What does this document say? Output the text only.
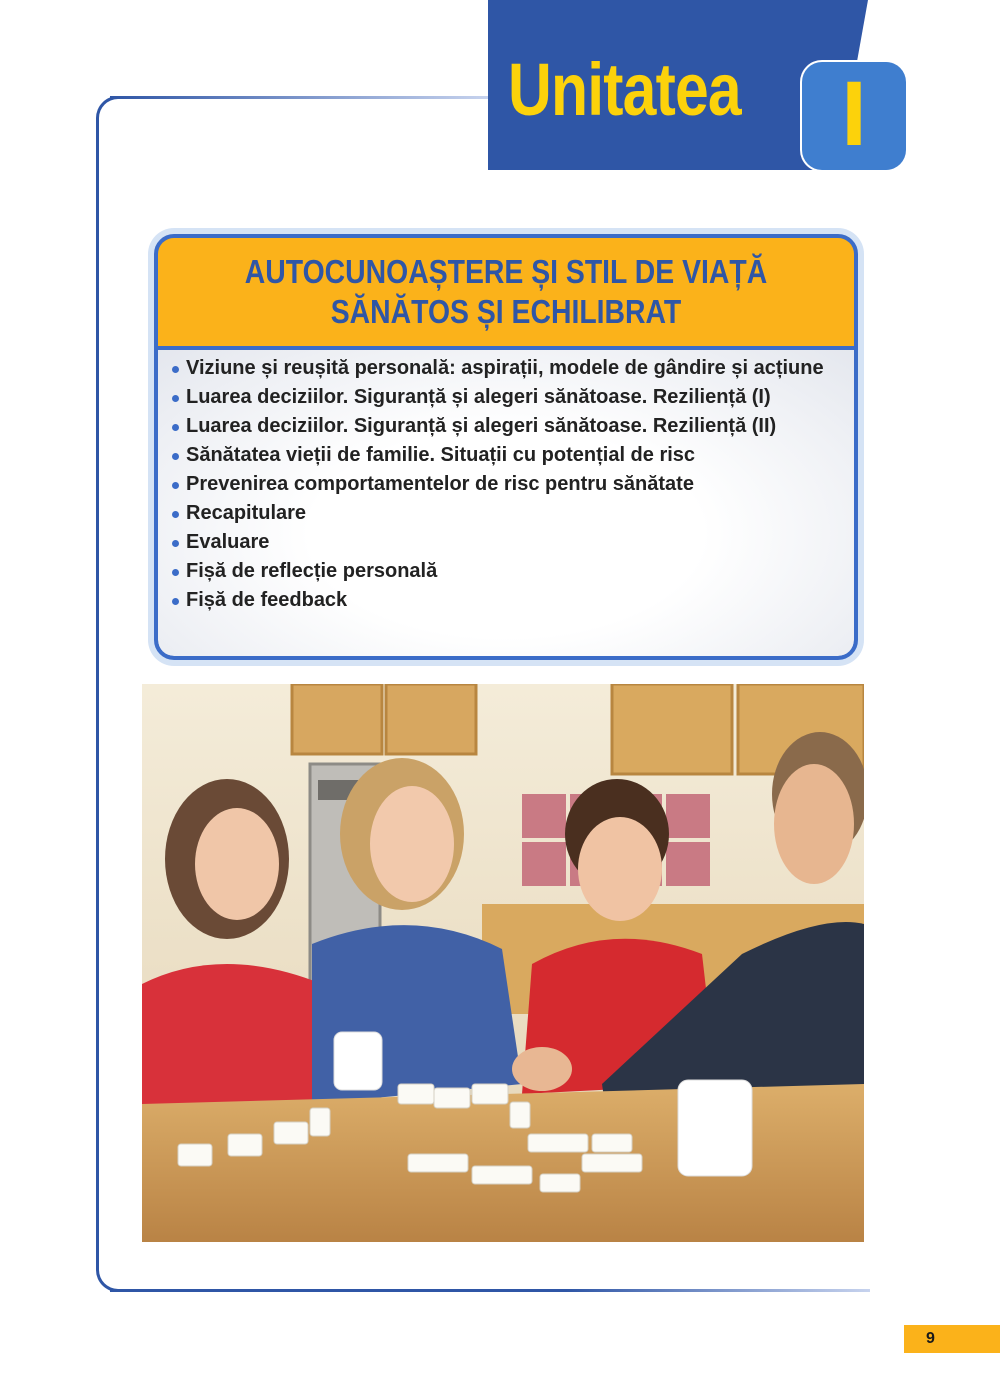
Unitatea	I
AUTOCUNOAȘTERE ȘI STIL DE VIAȚĂ
SĂNĂTOS ȘI ECHILIBRAT
Viziune și reușită personală: aspirații, modele de gândire și acțiune
Luarea deciziilor. Siguranță și alegeri sănătoase. Reziliență (I)
Luarea deciziilor. Siguranță și alegeri sănătoase. Reziliență (II)
Sănătatea vieții de familie. Situații cu potențial de risc
Prevenirea comportamentelor de risc pentru sănătate
Recapitulare
Evaluare
Fișă de reflecție personală
Fișă de feedback
9
